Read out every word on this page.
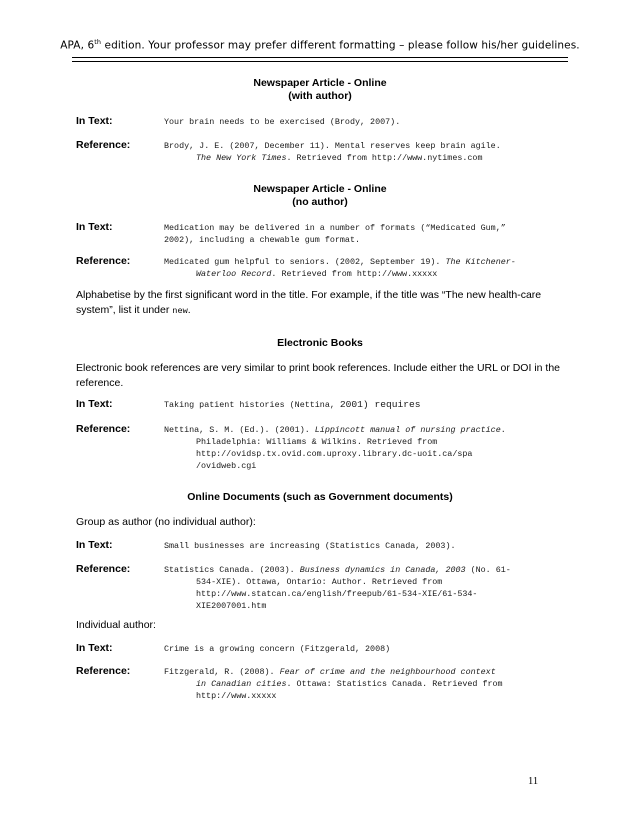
APA, 6th edition. Your professor may prefer different formatting – please follow his/her guidelines.
Newspaper Article - Online
(with author)
In Text:	Your brain needs to be exercised (Brody, 2007).
Reference:	Brody, J. E. (2007, December 11). Mental reserves keep brain agile.
The New York Times. Retrieved from http://www.nytimes.com
Newspaper Article - Online
(no author)
In Text:	Medication may be delivered in a number of formats (“Medicated Gum,”
2002), including a chewable gum format.
Reference:	Medicated gum helpful to seniors. (2002, September 19). The Kitchener-
Waterloo Record. Retrieved from http://www.xxxxx
Alphabetise by the first significant word in the title. For example, if the title was “The new health-care system”, list it under new.
Electronic Books
Electronic book references are very similar to print book references. Include either the URL or DOI in the reference.
In Text:	Taking patient histories (Nettina, 2001) requires
Reference:	Nettina, S. M. (Ed.). (2001). Lippincott manual of nursing practice.
Philadelphia: Williams & Wilkins. Retrieved from
http://ovidsp.tx.ovid.com.uproxy.library.dc-uoit.ca/spa
/ovidweb.cgi
Online Documents (such as Government documents)
Group as author (no individual author):
In Text:	Small businesses are increasing (Statistics Canada, 2003).
Reference:	Statistics Canada. (2003). Business dynamics in Canada, 2003 (No. 61-
534-XIE). Ottawa, Ontario: Author. Retrieved from
http://www.statcan.ca/english/freepub/61-534-XIE/61-534-
XIE2007001.htm
Individual author:
In Text:	Crime is a growing concern (Fitzgerald, 2008)
Reference:	Fitzgerald, R. (2008). Fear of crime and the neighbourhood context
in Canadian cities. Ottawa: Statistics Canada. Retrieved from
http://www.xxxxx
11
